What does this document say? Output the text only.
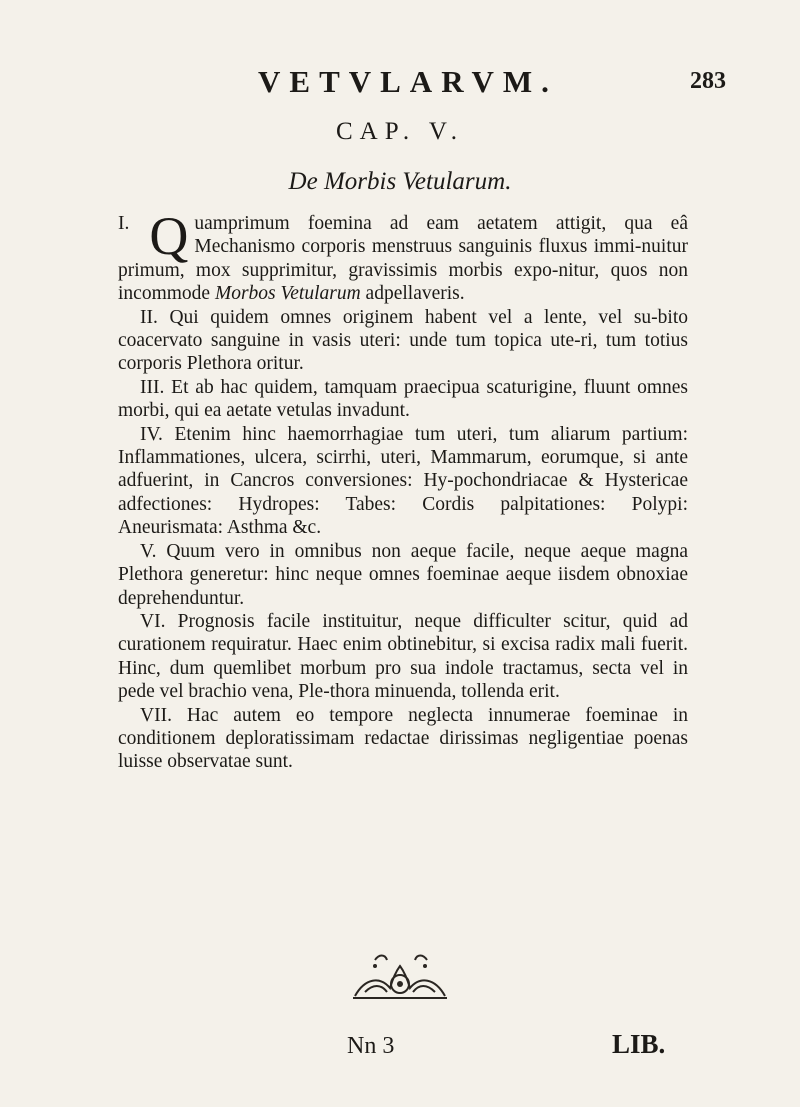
VETVLARVM.	283
CAP. V.
De Morbis Vetularum.

I. Q uamprimum foemina ad eam aetatem attigit, qua eâ Mechanismo corporis menstruus sanguinis fluxus immi-nuitur primum, mox supprimitur, gravissimis morbis expo-nitur, quos non incommode Morbos Vetularum adpellaveris.

II. Qui quidem omnes originem habent vel a lente, vel su-bito coacervato sanguine in vasis uteri: unde tum topica ute-ri, tum totius corporis Plethora oritur.

III. Et ab hac quidem, tamquam praecipua scaturigine, fluunt omnes morbi, qui ea aetate vetulas invadunt.

IV. Etenim hinc haemorrhagiae tum uteri, tum aliarum partium: Inflammationes, ulcera, scirrhi, uteri, Mammarum, eorumque, si ante adfuerint, in Cancros conversiones: Hy-pochondriacae & Hystericae adfectiones: Hydropes: Tabes: Cordis palpitationes: Polypi: Aneurismata: Asthma &c.

V. Quum vero in omnibus non aeque facile, neque aeque magna Plethora generetur: hinc neque omnes foeminae aeque iisdem obnoxiae deprehenduntur.

VI. Prognosis facile instituitur, neque difficulter scitur, quid ad curationem requiratur. Haec enim obtinebitur, si excisa radix mali fuerit. Hinc, dum quemlibet morbum pro sua indole tractamus, secta vel in pede vel brachio vena, Ple-thora minuenda, tollenda erit.

VII. Hac autem eo tempore neglecta innumerae foeminae in conditionem deploratissimam redactae dirissimas negligentiae poenas luisse observatae sunt.

Nn 3	LIB.
